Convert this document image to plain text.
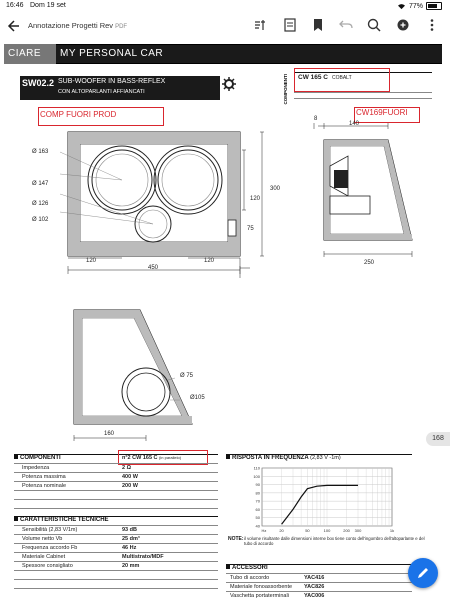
16:46 Dom 19 set	77%
Annotazione Progetti Rev PDF
CIARE MY PERSONAL CAR
SW02.2 SUB-WOOFER IN BASS-REFLEX
CON ALTOPARLANTI AFFIANCATI
COMP FUORI PROD	CW169FUORI
COMPONENTI CW 165 C COBALT
Ø 163
Ø 147
Ø 126
Ø 102
120
300
75
120	120
450
8
140
250
Ø 75
Ø105
160
COMPONENTI	n°2 CW 165 C (in parallelo)
Impedenza	2 Ω
Potenza massima	400 W
Potenza nominale	200 W
CARATTERISTICHE TECNICHE
Sensibilità (2,83 V/1m)	93 dB
Volume netto Vb	25 dm³
Frequenza accordo Fb	46 Hz
Materiale Cabinet	Multistrato/MDF
Spessore consigliato	20 mm
RISPOSTA IN FREQUENZA (2,83 V -1m)
110
100
90
80
70
60
50
40
Hz	20	50	100	200 300	1k
NOTE: il volume risultante dalle dimensioni interne box tiene conto dell'ingombro dell'altoparlante e del tubo di accordo
ACCESSORI
Tubo di accordo	YAC416
Materiale fonoassorbente YAC826
Vaschetta portaterminali	YAC006
168
